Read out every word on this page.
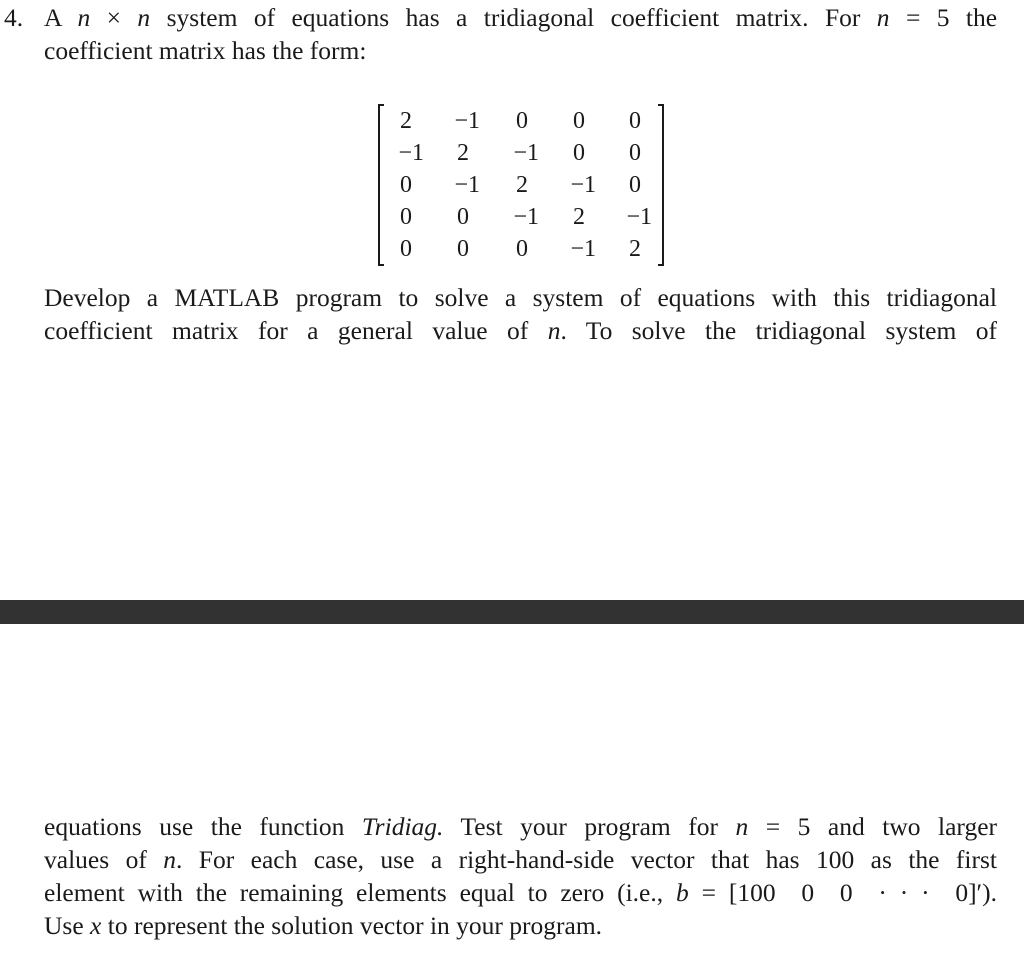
4. A n × n system of equations has a tridiagonal coefficient matrix. For n = 5 the
coefficient matrix has the form:
2	−1	0	0	0
−1	2	−1	0	0
0	−1	2	−1	0
0	0	−1	2	−1
0	0	0	−1	2
Develop a MATLAB program to solve a system of equations with this tridiagonal
coefficient matrix for a general value of n. To solve the tridiagonal system of
equations use the function Tridiag. Test your program for n = 5 and two larger
values of n. For each case, use a right-hand-side vector that has 100 as the first
element with the remaining elements equal to zero (i.e., b = [100  0  0  · · ·  0]′).
Use x to represent the solution vector in your program.
